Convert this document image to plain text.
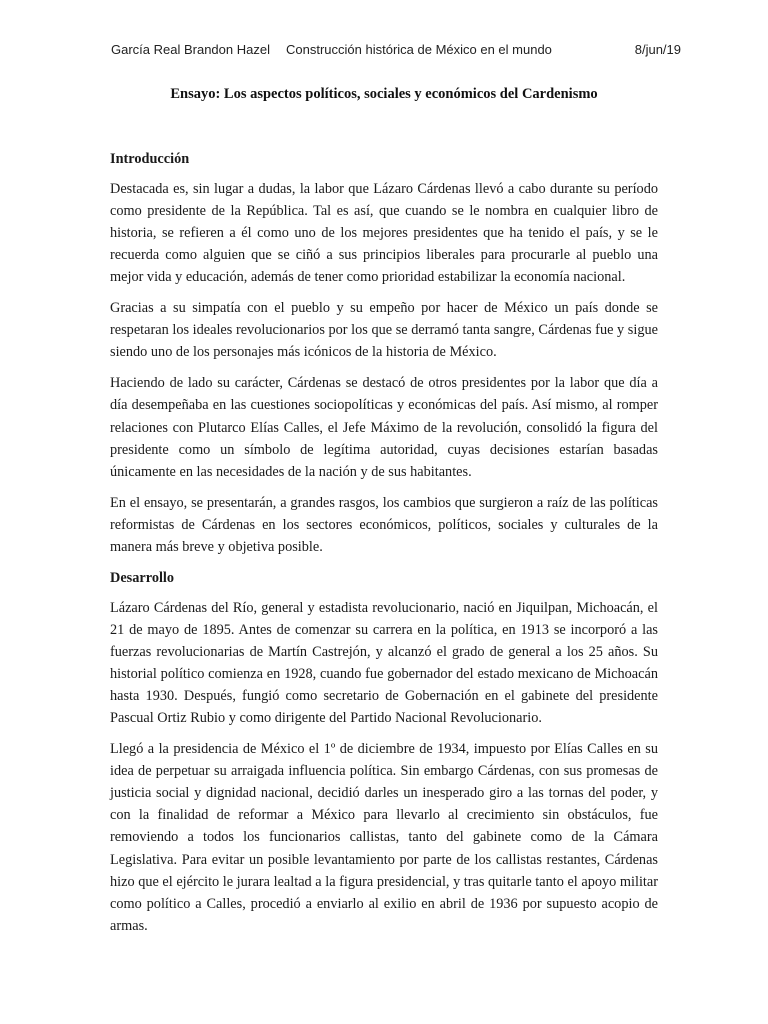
García Real Brandon Hazel Construcción histórica de México en el mundo	8/jun/19
Ensayo: Los aspectos políticos, sociales y económicos del Cardenismo
Introducción

Destacada es, sin lugar a dudas, la labor que Lázaro Cárdenas llevó a cabo durante su período como presidente de la República. Tal es así, que cuando se le nombra en cualquier libro de historia, se refieren a él como uno de los mejores presidentes que ha tenido el país, y se le recuerda como alguien que se ciñó a sus principios liberales para procurarle al pueblo una mejor vida y educación, además de tener como prioridad estabilizar la economía nacional.

Gracias a su simpatía con el pueblo y su empeño por hacer de México un país donde se respetaran los ideales revolucionarios por los que se derramó tanta sangre, Cárdenas fue y sigue siendo uno de los personajes más icónicos de la historia de México.

Haciendo de lado su carácter, Cárdenas se destacó de otros presidentes por la labor que día a día desempeñaba en las cuestiones sociopolíticas y económicas del país. Así mismo, al romper relaciones con Plutarco Elías Calles, el Jefe Máximo de la revolución, consolidó la figura del presidente como un símbolo de legítima autoridad, cuyas decisiones estarían basadas únicamente en las necesidades de la nación y de sus habitantes.

En el ensayo, se presentarán, a grandes rasgos, los cambios que surgieron a raíz de las políticas reformistas de Cárdenas en los sectores económicos, políticos, sociales y culturales de la manera más breve y objetiva posible.

Desarrollo

Lázaro Cárdenas del Río, general y estadista revolucionario, nació en Jiquilpan, Michoacán, el 21 de mayo de 1895. Antes de comenzar su carrera en la política, en 1913 se incorporó a las fuerzas revolucionarias de Martín Castrejón, y alcanzó el grado de general a los 25 años. Su historial político comienza en 1928, cuando fue gobernador del estado mexicano de Michoacán hasta 1930. Después, fungió como secretario de Gobernación en el gabinete del presidente Pascual Ortiz Rubio y como dirigente del Partido Nacional Revolucionario.

Llegó a la presidencia de México el 1º de diciembre de 1934, impuesto por Elías Calles en su idea de perpetuar su arraigada influencia política. Sin embargo Cárdenas, con sus promesas de justicia social y dignidad nacional, decidió darles un inesperado giro a las tornas del poder, y con la finalidad de reformar a México para llevarlo al crecimiento sin obstáculos, fue removiendo a todos los funcionarios callistas, tanto del gabinete como de la Cámara Legislativa. Para evitar un posible levantamiento por parte de los callistas restantes, Cárdenas hizo que el ejército le jurara lealtad a la figura presidencial, y tras quitarle tanto el apoyo militar como político a Calles, procedió a enviarlo al exilio en abril de 1936 por supuesto acopio de armas.
